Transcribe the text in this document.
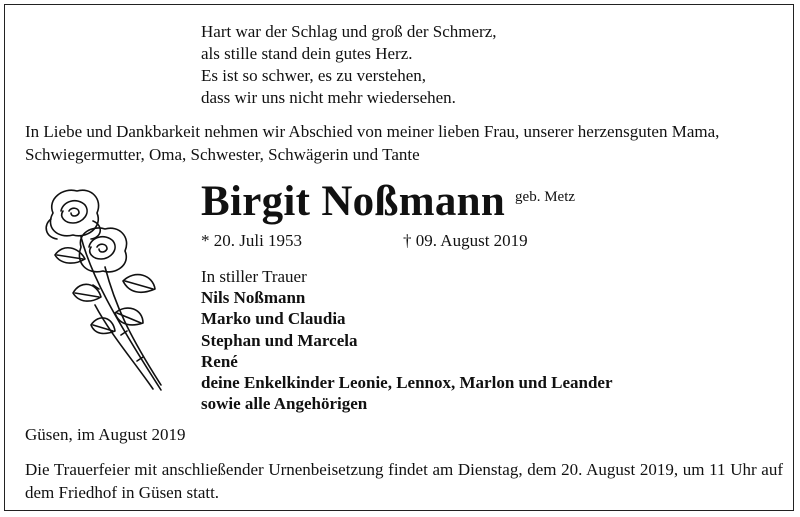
Hart war der Schlag und groß der Schmerz,
als stille stand dein gutes Herz.
Es ist so schwer, es zu verstehen,
dass wir uns nicht mehr wiedersehen.
In Liebe und Dankbarkeit nehmen wir Abschied von meiner lieben Frau, unserer herzensguten Mama, Schwiegermutter, Oma, Schwester, Schwägerin und Tante
Birgit Noßmann geb. Metz
* 20. Juli 1953	† 09. August 2019
In stiller Trauer
Nils Noßmann
Marko und Claudia
Stephan und Marcela
René
deine Enkelkinder Leonie, Lennox, Marlon und Leander
sowie alle Angehörigen
Güsen, im August 2019
Die Trauerfeier mit anschließender Urnenbeisetzung findet am Dienstag, dem 20. August 2019, um 11 Uhr auf dem Friedhof in Güsen statt.
